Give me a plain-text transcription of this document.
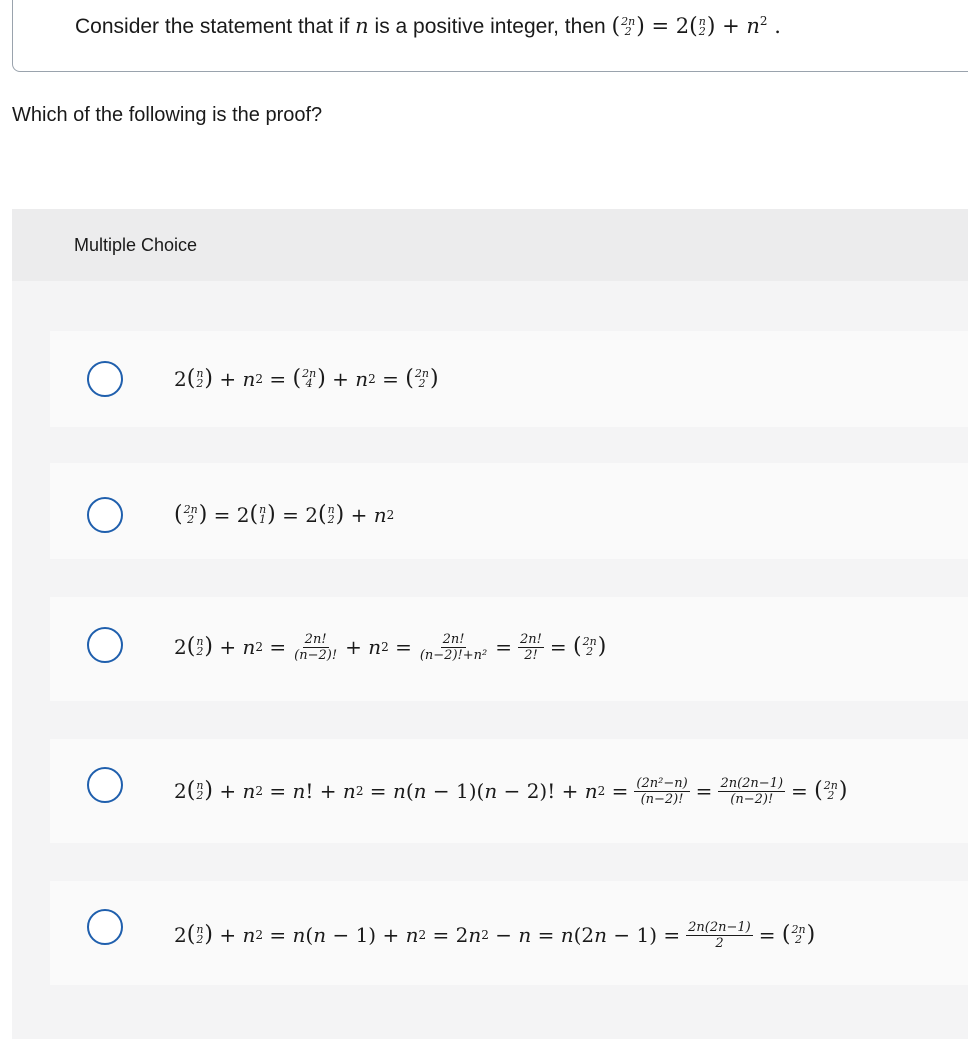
Consider the statement that if n is a positive integer, then ( 2n
2 ) = 2 ( n
2 ) + $n^2$ .
Which of the following is the proof?
Multiple Choice
2 ( n
2 ) + n 2 = ( 2n
4 ) + n 2 = ( 2n
2 )
( 2n
2 ) = 2 ( n
1 ) = 2 ( n
2 ) + n 2
2 ( n
2 ) + n $2 = \frac{2n!}{(n-2)!} + n$ $2 = \frac{2n!}{\text{(n−2)!+n²}} = \frac{2n!}{2!}$ = ( 2n
2 )
2 ( n
2 ) + n 2 = n ! + n 2 = n ( n − 1)( n − 2)! + n $2 = \frac{\text{(2n²−n)}}{(n-2)!} = \frac{2n(2n-1)}{(n-2)!}$ = ( 2n
2 )
2 ( n
2 ) + n 2 = n ( n − 1) + n 2 = 2 n 2 − n = n (2 $n - 1) = \frac{2n(2n-1)}{2}$ = ( 2n
2 )
